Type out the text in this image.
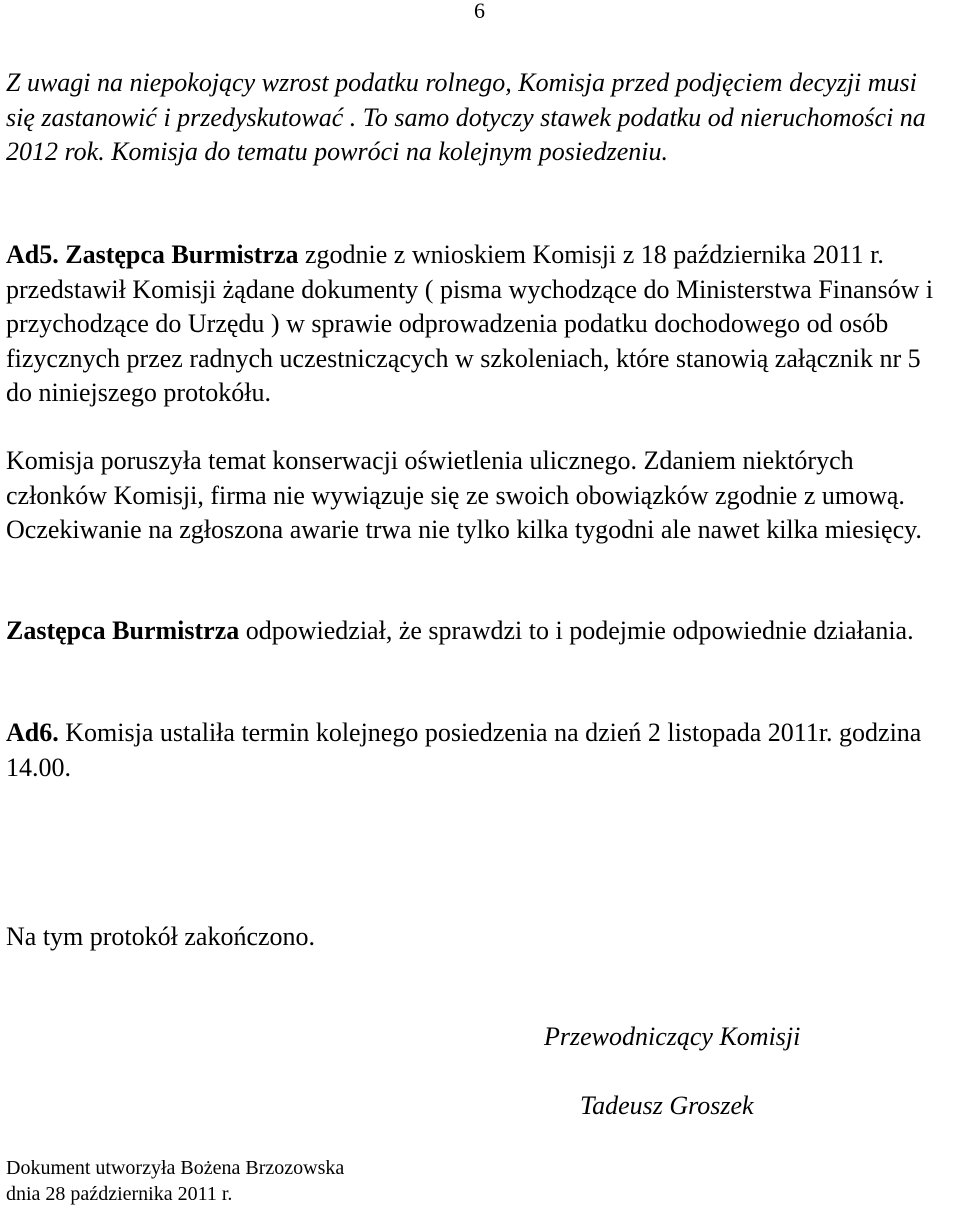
6

Z uwagi na niepokojący wzrost podatku rolnego, Komisja przed podjęciem decyzji musi się zastanowić i przedyskutować . To samo dotyczy stawek podatku od nieruchomości na 2012 rok. Komisja do tematu powróci na kolejnym posiedzeniu.

Ad5. Zastępca Burmistrza zgodnie z wnioskiem Komisji z 18 października 2011 r. przedstawił Komisji żądane dokumenty ( pisma wychodzące do Ministerstwa Finansów i przychodzące do Urzędu ) w sprawie odprowadzenia podatku dochodowego od osób fizycznych przez radnych uczestniczących w szkoleniach, które stanowią załącznik nr 5 do niniejszego protokółu.

Komisja poruszyła temat konserwacji oświetlenia ulicznego. Zdaniem niektórych członków Komisji, firma nie wywiązuje się ze swoich obowiązków zgodnie z umową. Oczekiwanie na zgłoszona awarie trwa nie tylko kilka tygodni ale nawet kilka miesięcy.

Zastępca Burmistrza odpowiedział, że sprawdzi to i podejmie odpowiednie działania.

Ad6. Komisja ustaliła termin kolejnego posiedzenia na dzień 2 listopada 2011r. godzina 14.00.

Na tym protokół zakończono.

Przewodniczący Komisji
Tadeusz Groszek
Dokument utworzyła Bożena Brzozowska
dnia 28 października 2011 r.
